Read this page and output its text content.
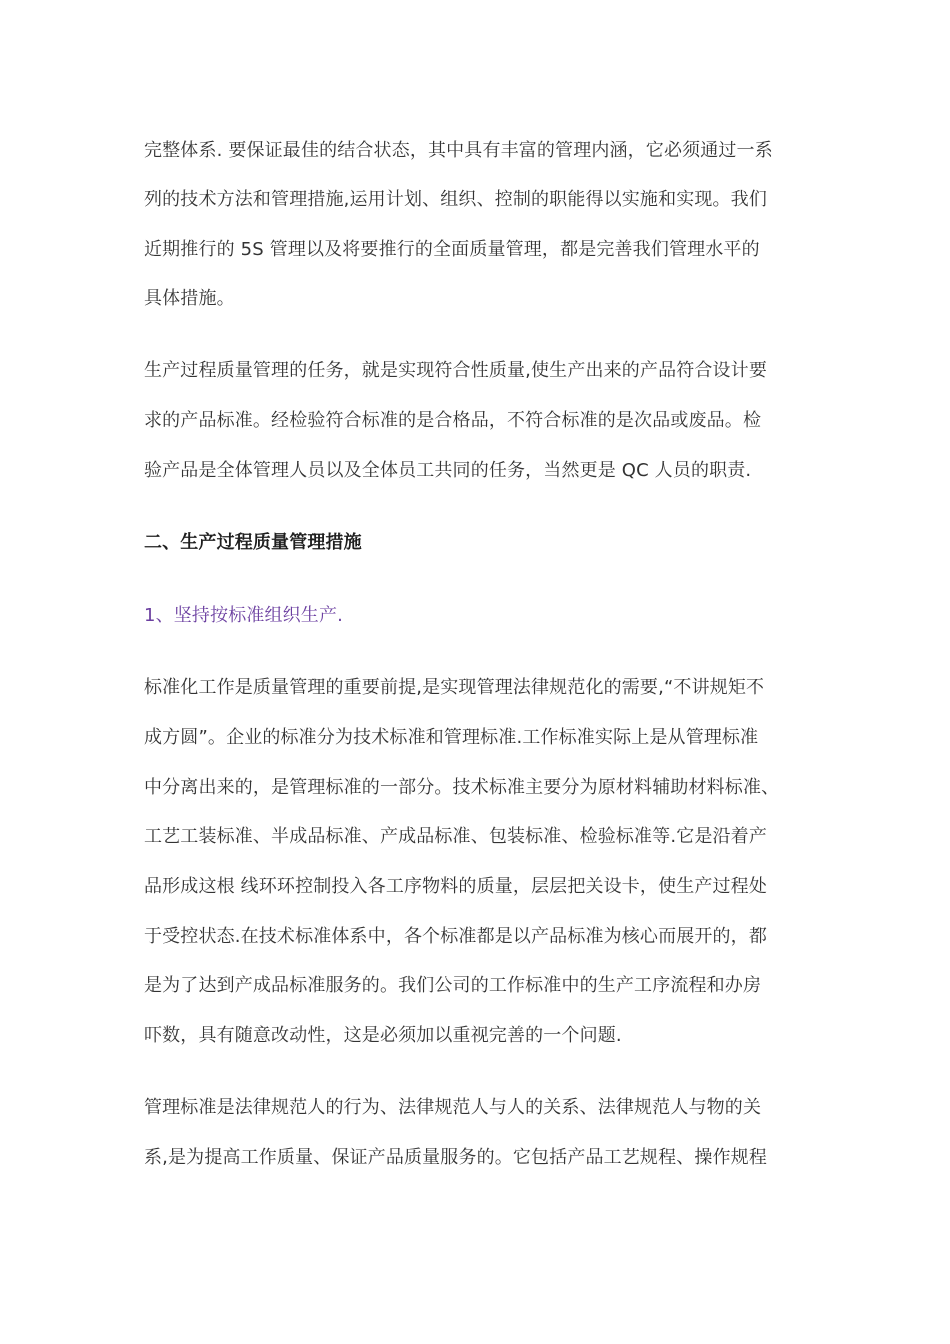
完整体系. 要保证最佳的结合状态，其中具有丰富的管理内涵，它必须通过一系
列的技术方法和管理措施,运用计划、组织、控制的职能得以实施和实现。我们
近期推行的 5S 管理以及将要推行的全面质量管理，都是完善我们管理水平的
具体措施。
生产过程质量管理的任务，就是实现符合性质量,使生产出来的产品符合设计要
求的产品标准。经检验符合标准的是合格品，不符合标准的是次品或废品。检
验产品是全体管理人员以及全体员工共同的任务，当然更是 QC 人员的职责.
二、生产过程质量管理措施
1、坚持按标准组织生产.
标准化工作是质量管理的重要前提,是实现管理法律规范化的需要,“不讲规矩不
成方圆”。企业的标准分为技术标准和管理标准.工作标准实际上是从管理标准
中分离出来的，是管理标准的一部分。技术标准主要分为原材料辅助材料标准、
工艺工装标准、半成品标准、产成品标准、包装标准、检验标准等.它是沿着产
品形成这根 线环环控制投入各工序物料的质量，层层把关设卡，使生产过程处
于受控状态.在技术标准体系中，各个标准都是以产品标准为核心而展开的，都
是为了达到产成品标准服务的。我们公司的工作标准中的生产工序流程和办房
吓数，具有随意改动性，这是必须加以重视完善的一个问题.
管理标准是法律规范人的行为、法律规范人与人的关系、法律规范人与物的关
系,是为提高工作质量、保证产品质量服务的。它包括产品工艺规程、操作规程
